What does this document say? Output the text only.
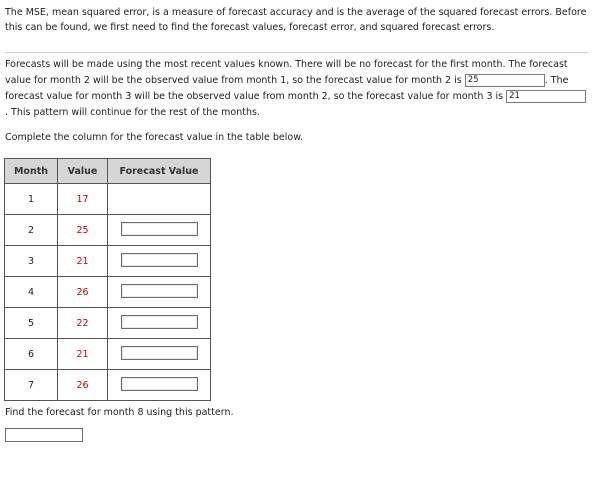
The MSE, mean squared error, is a measure of forecast accuracy and is the average of the squared forecast errors. Before this can be found, we first need to find the forecast values, forecast error, and squared forecast errors.

Forecasts will be made using the most recent values known. There will be no forecast for the first month. The forecast value for month 2 will be the observed value from month 1, so the forecast value for month 2 is 25	. The forecast value for month 3 will be the observed value from month 2, so the forecast value for month 3 is 21. This pattern will continue for the rest of the months.

Complete the column for the forecast value in the table below.

Month	Value	Forecast Value
1	17	
2	25	
3	21	
4	26	
5	22	
6	21	
7	26	

Find the forecast for month 8 using this pattern.
